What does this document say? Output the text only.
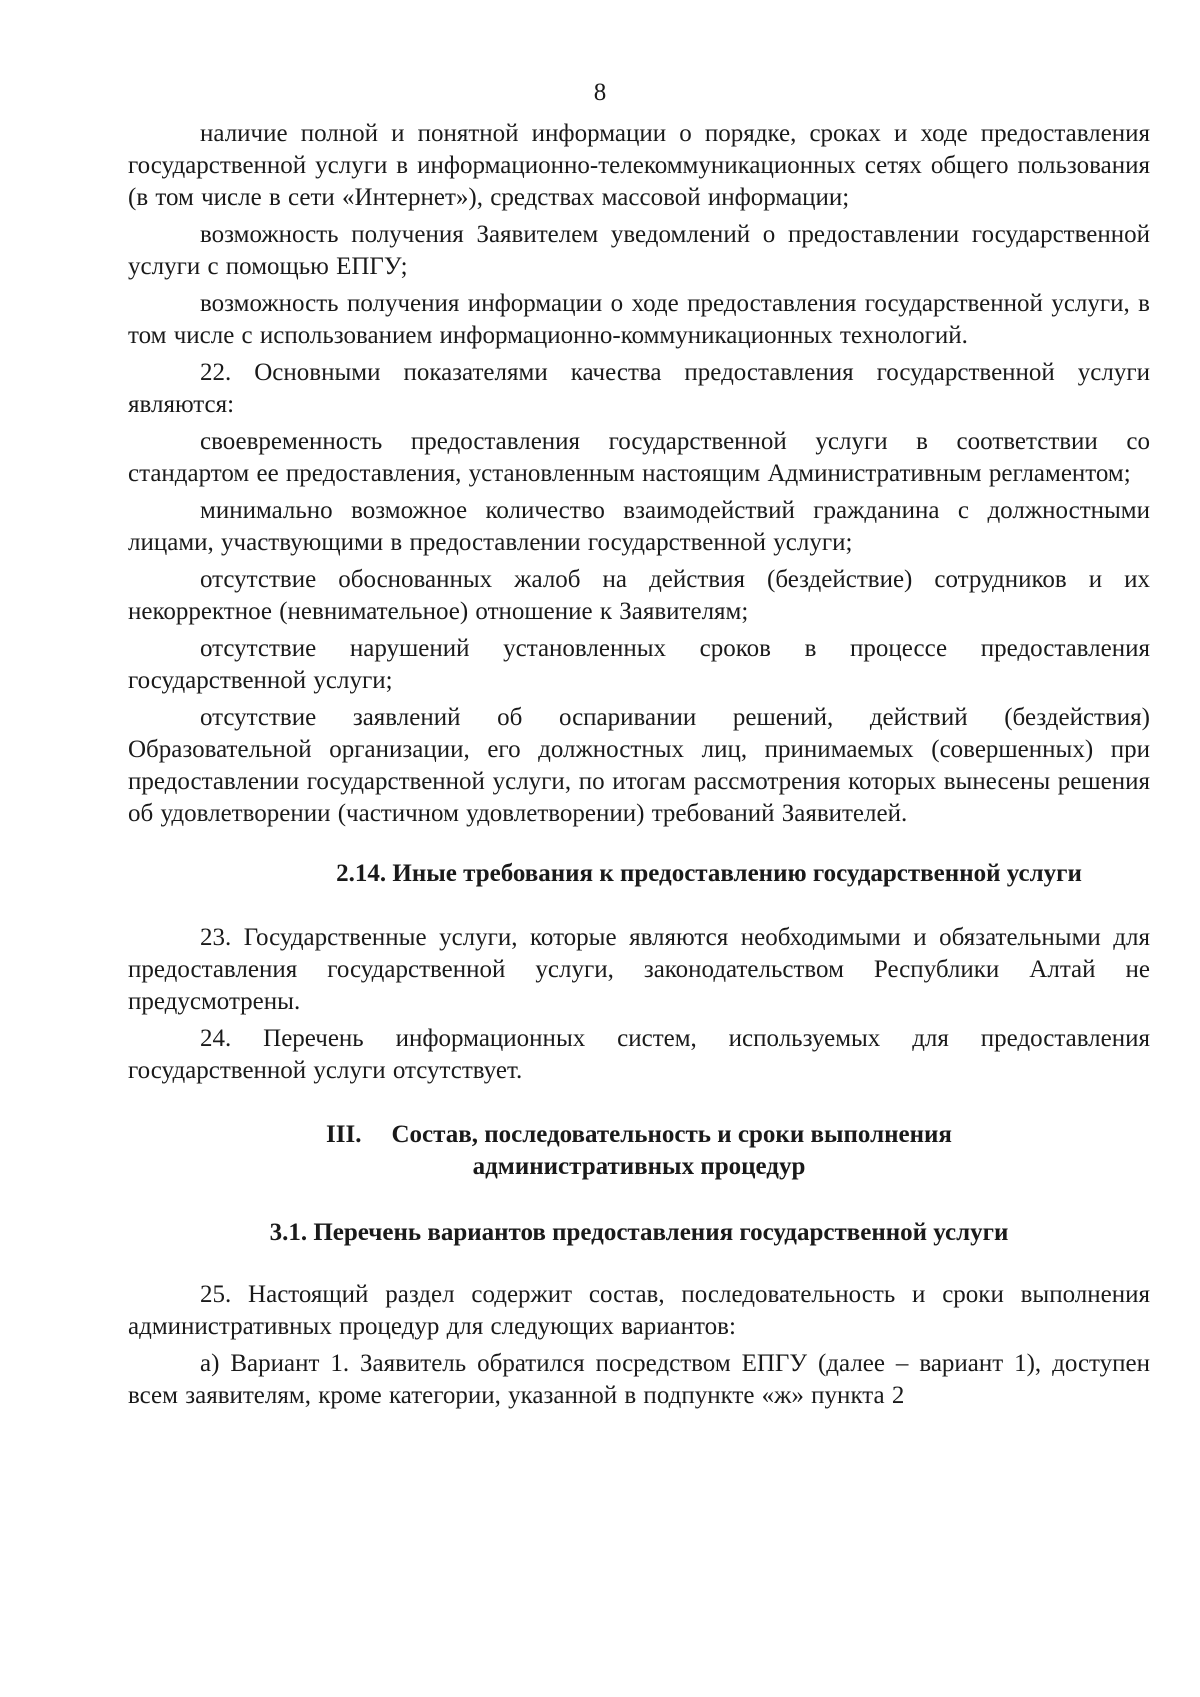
8

наличие полной и понятной информации о порядке, сроках и ходе предоставления государственной услуги в информационно-телекоммуникационных сетях общего пользования (в том числе в сети «Интернет»), средствах массовой информации;

возможность получения Заявителем уведомлений о предоставлении государственной услуги с помощью ЕПГУ;

возможность получения информации о ходе предоставления государственной услуги, в том числе с использованием информационно-коммуникационных технологий.

22. Основными показателями качества предоставления государственной услуги являются:

своевременность предоставления государственной услуги в соответствии со стандартом ее предоставления, установленным настоящим Административным регламентом;

минимально возможное количество взаимодействий гражданина с должностными лицами, участвующими в предоставлении государственной услуги;

отсутствие обоснованных жалоб на действия (бездействие) сотрудников и их некорректное (невнимательное) отношение к Заявителям;

отсутствие нарушений установленных сроков в процессе предоставления государственной услуги;

отсутствие заявлений об оспаривании решений, действий (бездействия) Образовательной организации, его должностных лиц, принимаемых (совершенных) при предоставлении государственной услуги, по итогам рассмотрения которых вынесены решения об удовлетворении (частичном удовлетворении) требований Заявителей.

2.14. Иные требования к предоставлению государственной услуги

23. Государственные услуги, которые являются необходимыми и обязательными для предоставления государственной услуги, законодательством Республики Алтай не предусмотрены.

24. Перечень информационных систем, используемых для предоставления государственной услуги отсутствует.

III. Состав, последовательность и сроки выполнения
административных процедур
3.1. Перечень вариантов предоставления государственной услуги

25. Настоящий раздел содержит состав, последовательность и сроки выполнения административных процедур для следующих вариантов:

а) Вариант 1. Заявитель обратился посредством ЕПГУ (далее – вариант 1), доступен всем заявителям, кроме категории, указанной в подпункте «ж» пункта 2
